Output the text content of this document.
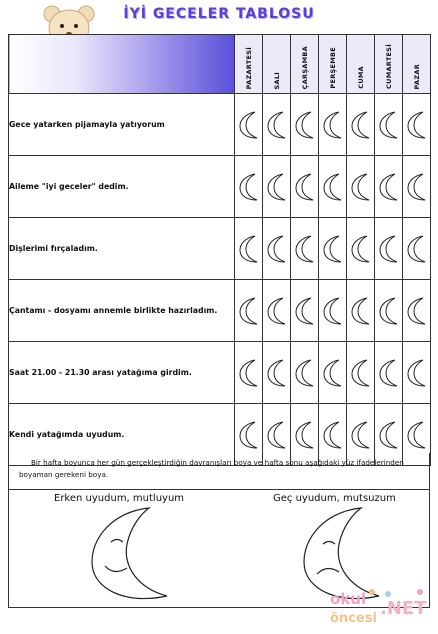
İYİ GECELER TABLOSU

	PAZARTESİ	SALI	ÇARŞAMBA	PERŞEMBE	CUMA	CUMARTESİ	PAZAR

Gece yatarken pijamayla yatıyorum	

Aileme "iyi geceler" dedim.	

Dişlerimi fırçaladım.	

Çantamı - dosyamı annemle birlikte hazırladım.	

Saat 21.00 - 21.30 arası yatağıma girdim.	

Kendi yatağımda uyudum.	

Bir hafta boyunca her gün gerçekleştirdiğin davranışları boya ve hafta sonu aşağıdaki yüz ifadelerinden boyaman gerekeni boya.
Erken uyudum, mutluyum	Geç uyudum, mutsuzum
okul
öncesi .NET
